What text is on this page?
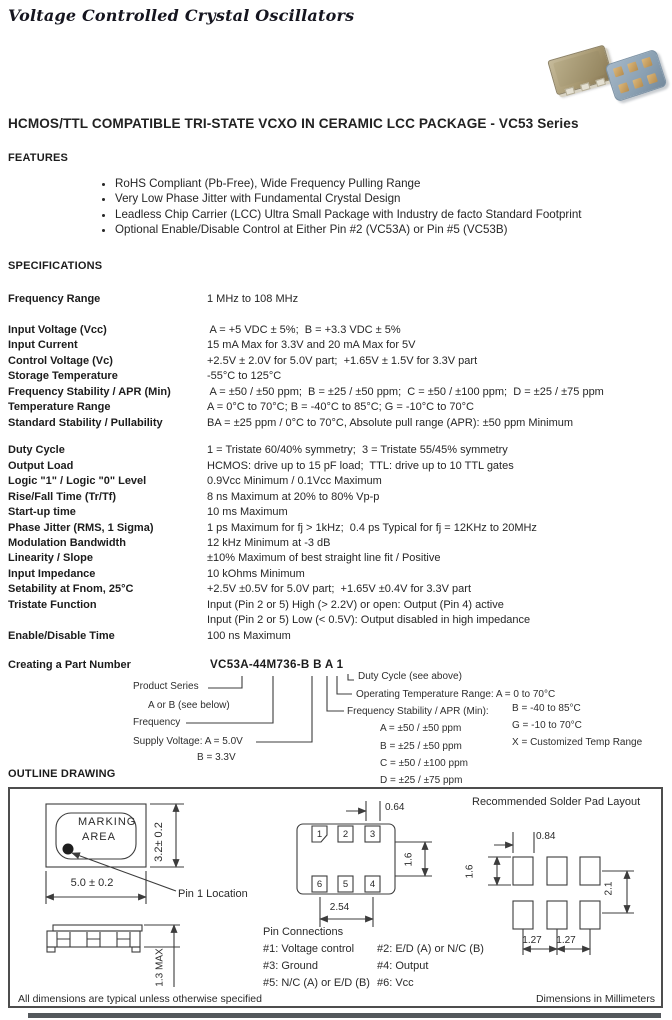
Voltage Controlled Crystal Oscillators
HCMOS/TTL COMPATIBLE TRI-STATE VCXO IN CERAMIC LCC PACKAGE - VC53 Series
FEATURES
• RoHS Compliant (Pb-Free), Wide Frequency Pulling Range
• Very Low Phase Jitter with Fundamental Crystal Design
• Leadless Chip Carrier (LCC) Ultra Small Package with Industry de facto Standard Footprint
• Optional Enable/Disable Control at Either Pin #2 (VC53A) or Pin #5 (VC53B)
SPECIFICATIONS
Frequency Range	1 MHz to 108 MHz
Input Voltage (Vcc)	A = +5 VDC ± 5%;  B = +3.3 VDC ± 5%
Input Current	15 mA Max for 3.3V and 20 mA Max for 5V
Control Voltage (Vc)	+2.5V ± 2.0V for 5.0V part;  +1.65V ± 1.5V for 3.3V part
Storage Temperature	-55°C to 125°C
Frequency Stability / APR (Min)	A = ±50 / ±50 ppm;  B = ±25 / ±50 ppm;  C = ±50 / ±100 ppm;  D = ±25 / ±75 ppm
Temperature Range	A = 0°C to 70°C; B = -40°C to 85°C; G = -10°C to 70°C
Standard Stability / Pullability	BA = ±25 ppm / 0°C to 70°C, Absolute pull range (APR): ±50 ppm Minimum
Duty Cycle	1 = Tristate 60/40% symmetry;  3 = Tristate 55/45% symmetry
Output Load	HCMOS: drive up to 15 pF load;  TTL: drive up to 10 TTL gates
Logic "1" / Logic "0" Level	0.9Vcc Minimum / 0.1Vcc Maximum
Rise/Fall Time (Tr/Tf)	8 ns Maximum at 20% to 80% Vp-p
Start-up time	10 ms Maximum
Phase Jitter (RMS, 1 Sigma)	1 ps Maximum for fj > 1kHz;  0.4 ps Typical for fj = 12KHz to 20MHz
Modulation Bandwidth	12 kHz Minimum at -3 dB
Linearity / Slope	±10% Maximum of best straight line fit / Positive
Input Impedance	10 kOhms Minimum
Setability at Fnom, 25°C	+2.5V ±0.5V for 5.0V part;  +1.65V ±0.4V for 3.3V part
Tristate Function	Input (Pin 2 or 5) High (> 2.2V) or open: Output (Pin 4) active
Input (Pin 2 or 5) Low (< 0.5V): Output disabled in high impedance
Enable/Disable Time	100 ns Maximum
Creating a Part Number	VC53A-44M736-B B A 1
Product Series
A or B (see below)
Frequency
Supply Voltage: A = 5.0V
B = 3.3V
Duty Cycle (see above)
Operating Temperature Range: A = 0 to 70°C
B = -40 to 85°C
Frequency Stability / APR (Min):
G = -10 to 70°C
A = ±50 / ±50 ppm
X = Customized Temp Range
B = ±25 / ±50 ppm
C = ±50 / ±100 ppm
D = ±25 / ±75 ppm
OUTLINE DRAWING
MARKING
AREA	3.2± 0.2
5.0 ± 0.2
Pin 1 Location
1.3 MAX
0.64
1.6
2.54
1	2	3
6	5	4
Pin Connections
#1: Voltage control #2: E/D (A) or N/C (B)
#3: Ground	#4: Output
#5: N/C (A) or E/D (B) #6: Vcc
Recommended Solder Pad Layout
0.84
1.6
2.1
1.27	1.27
All dimensions are typical unless otherwise specified	Dimensions in Millimeters
